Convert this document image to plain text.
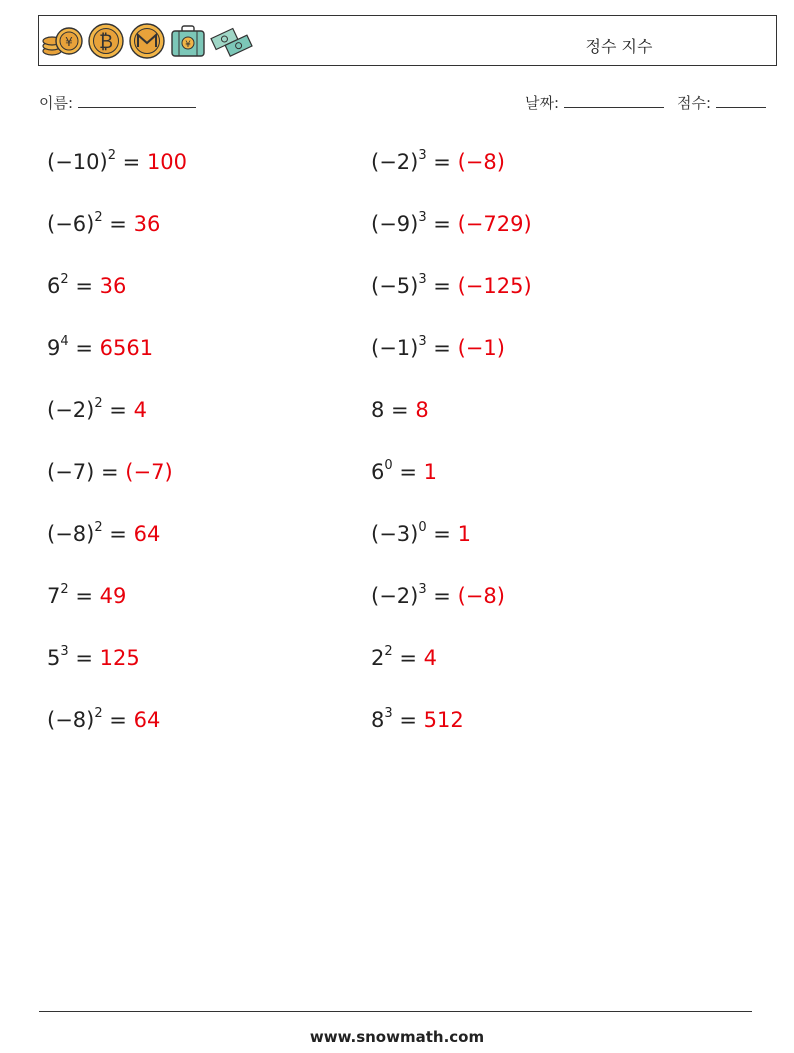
¥ ₿	¥	정수 지수
이름:	날짜:	점수:
$(-10)^2 = 100$	$(-2)^3 = (-8)$
$(-6)^2 = 36$	$(-9)^3 = (-729)$
$6^2 = 36$	$(-5)^3 = (-125)$
$9^4 = 6561$	$(-1)^3 = (-1)$
$(-2)^2 = 4$	8 = 8
(−7) = (−7)	$6^0 = 1$
$(-8)^2 = 64$	$(-3)^0 = 1$
$7^2 = 49$	$(-2)^3 = (-8)$
$5^3 = 125$	$2^2 = 4$
$(-8)^2 = 64$	$8^3 = 512$
www.snowmath.com
